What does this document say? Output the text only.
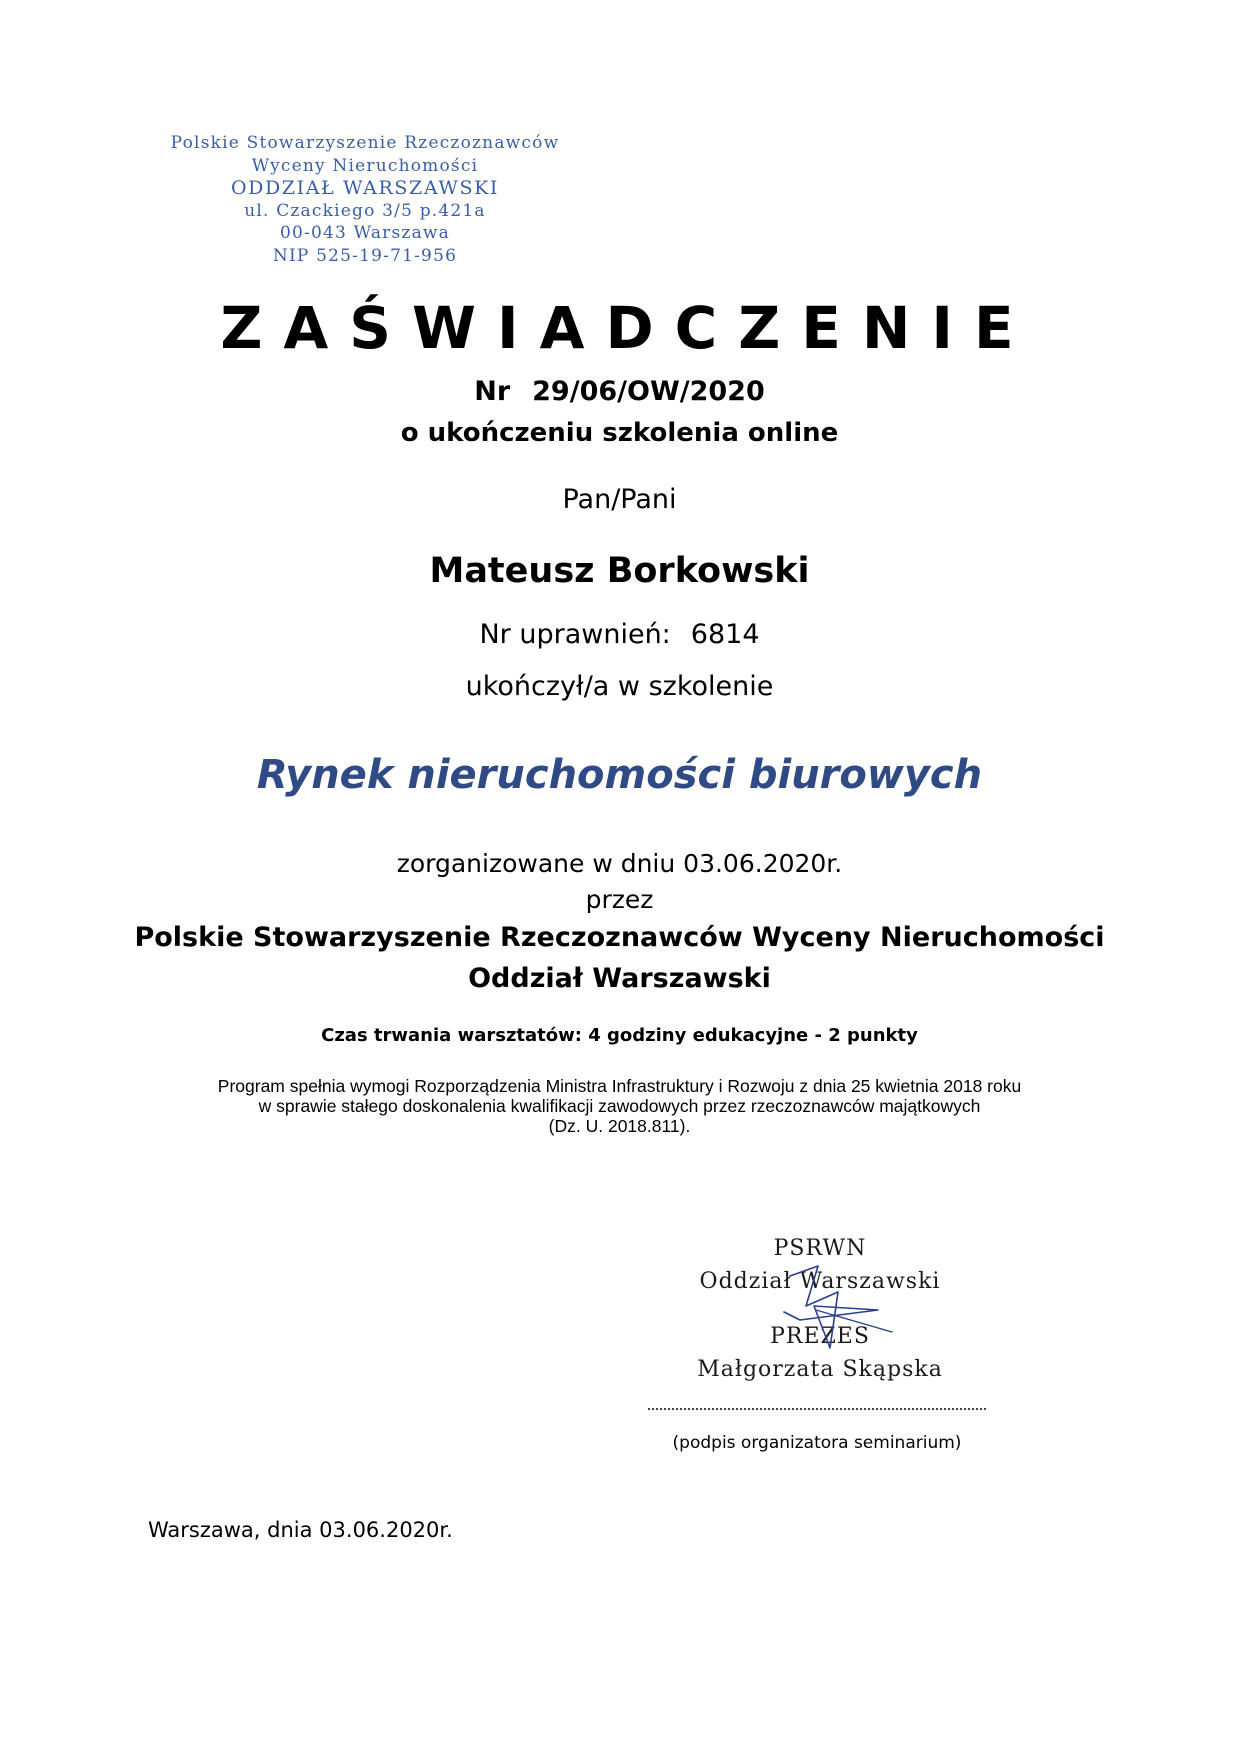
Polskie Stowarzyszenie Rzeczoznawców
Wyceny Nieruchomości
ODDZIAŁ WARSZAWSKI
ul. Czackiego 3/5 p.421a
00-043 Warszawa
NIP 525-19-71-956
ZAŚWIADCZENIE
Nr 29/06/OW/2020
o ukończeniu szkolenia online
Pan/Pani
Mateusz Borkowski
Nr uprawnień: 6814
ukończył/a w szkolenie
Rynek nieruchomości biurowych
zorganizowane w dniu 03.06.2020r.
przez
Polskie Stowarzyszenie Rzeczoznawców Wyceny Nieruchomości
Oddział Warszawski
Czas trwania warsztatów: 4 godziny edukacyjne - 2 punkty
Program spełnia wymogi Rozporządzenia Ministra Infrastruktury i Rozwoju z dnia 25 kwietnia 2018 roku
w sprawie stałego doskonalenia kwalifikacji zawodowych przez rzeczoznawców majątkowych
(Dz. U. 2018.811).
PSRWN
Oddział Warszawski
PREZES
Małgorzata Skąpska
(podpis organizatora seminarium)
Warszawa, dnia 03.06.2020r.
